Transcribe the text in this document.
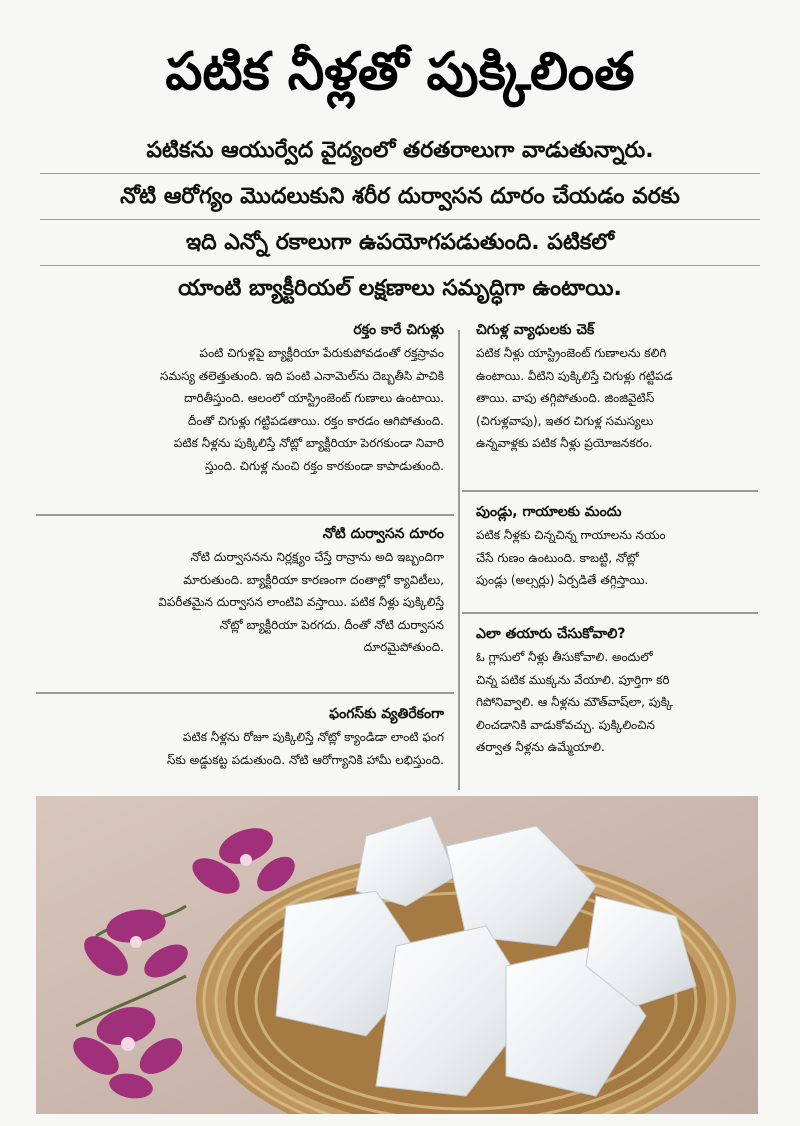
పటిక నీళ్లతో పుక్కిలింత
పటికను ఆయుర్వేద వైద్యంలో తరతరాలుగా వాడుతున్నారు.
నోటి ఆరోగ్యం మొదలుకుని శరీర దుర్వాసన దూరం చేయడం వరకు
ఇది ఎన్నో రకాలుగా ఉపయోగపడుతుంది. పటికలో
యాంటి బ్యాక్టీరియల్ లక్షణాలు సమృద్ధిగా ఉంటాయి.
రక్తం కారే చిగుళ్లు
పంటి చిగుళ్లపై బ్యాక్టీరియా పేరుకుపోవడంతో రక్తస్రావం
సమస్య తలెత్తుతుంది. ఇది పంటి ఎనామెల్‌ను దెబ్బతీసి పాచికి
దారితీస్తుంది. ఆలంలో యాస్ట్రింజెంట్ గుణాలు ఉంటాయి.
దీంతో చిగుళ్లు గట్టిపడతాయి. రక్తం కారడం ఆగిపోతుంది.
పటిక నీళ్లను పుక్కిలిస్తే నోట్లో బ్యాక్టీరియా పెరగకుండా నివారి
స్తుంది. చిగుళ్ల నుంచి రక్తం కారకుండా కాపాడుతుంది.
నోటి దుర్వాసన దూరం
నోటి దుర్వాసనను నిర్లక్ష్యం చేస్తే రాన్రాను అది ఇబ్బందిగా
మారుతుంది. బ్యాక్టీరియా కారణంగా దంతాల్లో క్యావిటీలు,
విపరీతమైన దుర్వాసన లాంటివి వస్తాయి. పటిక నీళ్లు పుక్కిలిస్తే
నోట్లో బ్యాక్టీరియా పెరగదు. దీంతో నోటి దుర్వాసన
దూరమైపోతుంది.
ఫంగస్‌కు వ్యతిరేకంగా
పటిక నీళ్లను రోజూ పుక్కిలిస్తే నోట్లో క్యాండిడా లాంటి ఫంగ
స్‌కు అడ్డుకట్ట పడుతుంది. నోటి ఆరోగ్యానికి హామీ లభిస్తుంది.
చిగుళ్ల వ్యాధులకు చెక్
పటిక నీళ్లు యాస్ట్రింజెంట్ గుణాలను కలిగి
ఉంటాయి. వీటిని పుక్కిలిస్తే చిగుళ్లు గట్టిపడ
తాయి. వాపు తగ్గిపోతుంది. జింజివైటిస్
(చిగుళ్లవాపు), ఇతర చిగుళ్ల సమస్యలు
ఉన్నవాళ్లకు పటిక నీళ్లు ప్రయోజనకరం.
పుండ్లు, గాయాలకు మందు
పటిక నీళ్లకు చిన్నచిన్న గాయాలను నయం
చేసే గుణం ఉంటుంది. కాబట్టి, నోట్లో
పుండ్లు (అల్సర్లు) ఏర్పడితే తగ్గిస్తాయి.
ఎలా తయారు చేసుకోవాలి?
ఓ గ్లాసులో నీళ్లు తీసుకోవాలి. అందులో
చిన్న పటిక ముక్కను వేయాలి. పూర్తిగా కరి
గిపోనివ్వాలి. ఆ నీళ్లను మౌత్‌వాష్‌లా, పుక్కి
లించడానికి వాడుకోవచ్చు. పుక్కిలించిన
తర్వాత నీళ్లను ఉమ్మేయాలి.
